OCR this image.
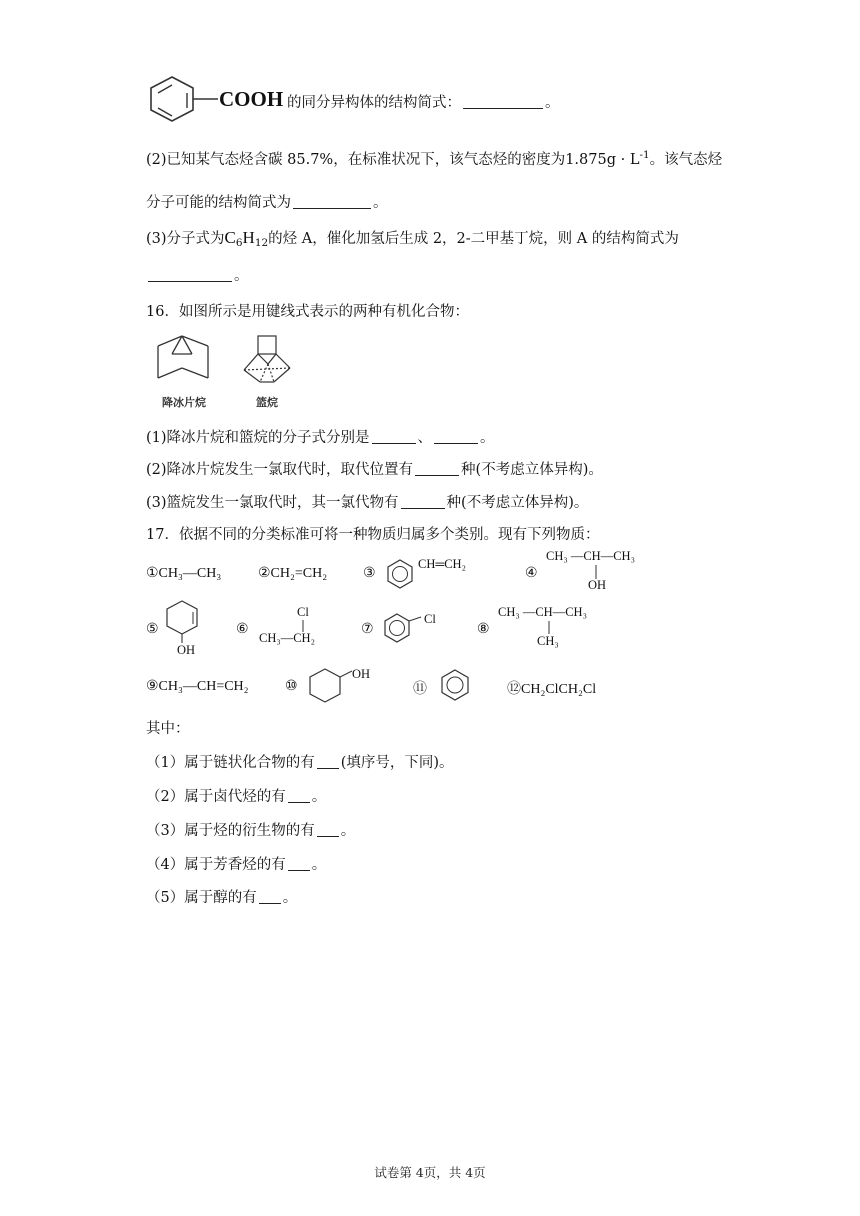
COOH 的同分异构体的结构简式：	。
(2)已知某气态烃含碳 85.7%，在标准状况下，该气态烃的密度为$1.875g \cdot L^{-1}$。该气态烃
分子可能的结构简式为	。
(3)分子式为$C_6H_{12}$的烃 A，催化加氢后生成 2，2-二甲基丁烷，则 A 的结构简式为
。
16．如图所示是用键线式表示的两种有机化合物：
降冰片烷	篮烷
(1)降冰片烷和篮烷的分子式分别是	、	。
(2)降冰片烷发生一氯取代时，取代位置有	种(不考虑立体异构)。
(3)篮烷发生一氯取代时，其一氯代物有	种(不考虑立体异构)。
17．依据不同的分类标准可将一种物质归属多个类别。现有下列物质：
①CH₃—CH₃	②CH₂=CH₂	③
CH═CH₂
④
CH₃ —CH—CH₃
OH
⑤
OH
⑥
Cl
CH₃—CH₂
⑦
Cl
⑧
CH₃ —CH—CH₃
CH₃
⑨CH₃—CH=CH₂	⑩
OH
⑪	⑫CH₂ClCH₂Cl
其中：
（1）属于链状化合物的有 (填序号，下同)。
（2）属于卤代烃的有 。
（3）属于烃的衍生物的有 。
（4）属于芳香烃的有 。
（5）属于醇的有 。
试卷第 4页，共 4页
